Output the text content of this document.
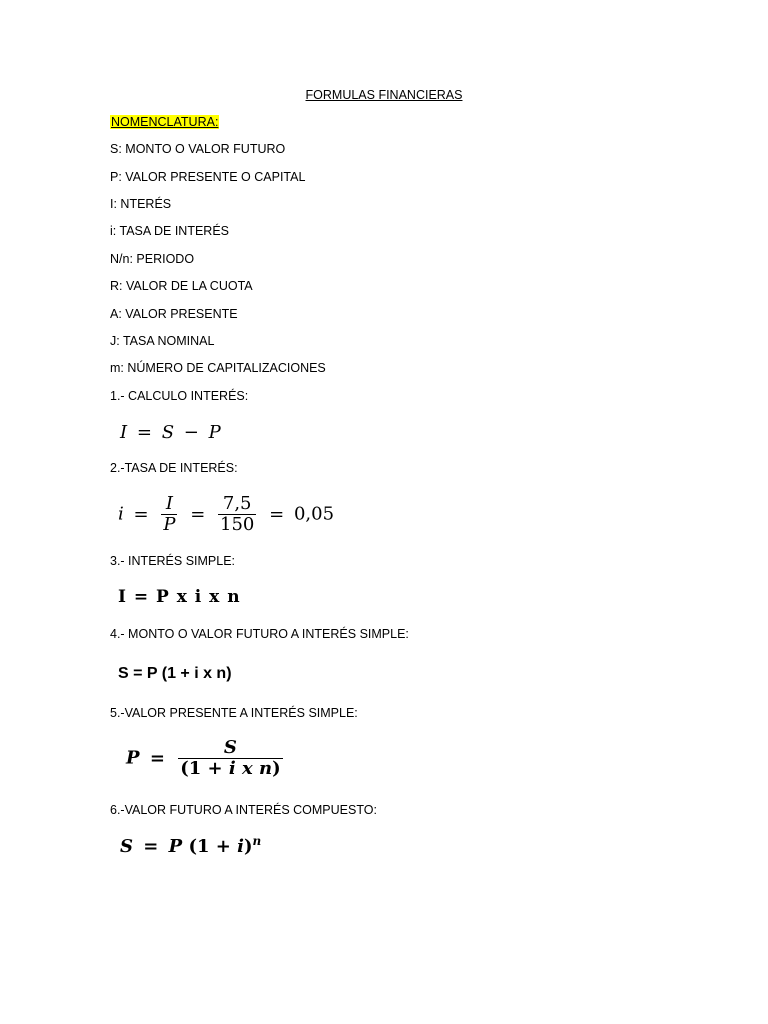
FORMULAS FINANCIERAS
NOMENCLATURA:
S: MONTO O VALOR FUTURO
P: VALOR PRESENTE O CAPITAL
I: NTERÉS
i: TASA DE INTERÉS
N/n: PERIODO
R: VALOR DE LA CUOTA
A: VALOR PRESENTE
J: TASA NOMINAL
m: NÚMERO DE CAPITALIZACIONES
1.- CALCULO INTERÉS:
I = S − P
2.-TASA DE INTERÉS:
$i = \frac{I}{P} = \frac{7,5}{150} = 0,05$
3.- INTERÉS SIMPLE:
I = P x i x n
4.- MONTO O VALOR FUTURO A INTERÉS SIMPLE:
S = P (1 + i x n)
5.-VALOR PRESENTE A INTERÉS SIMPLE:
$P = \frac{S}{\text{(1 + i x n)}}$
6.-VALOR FUTURO A INTERÉS COMPUESTO:
S = P $(1 + i)^n$
